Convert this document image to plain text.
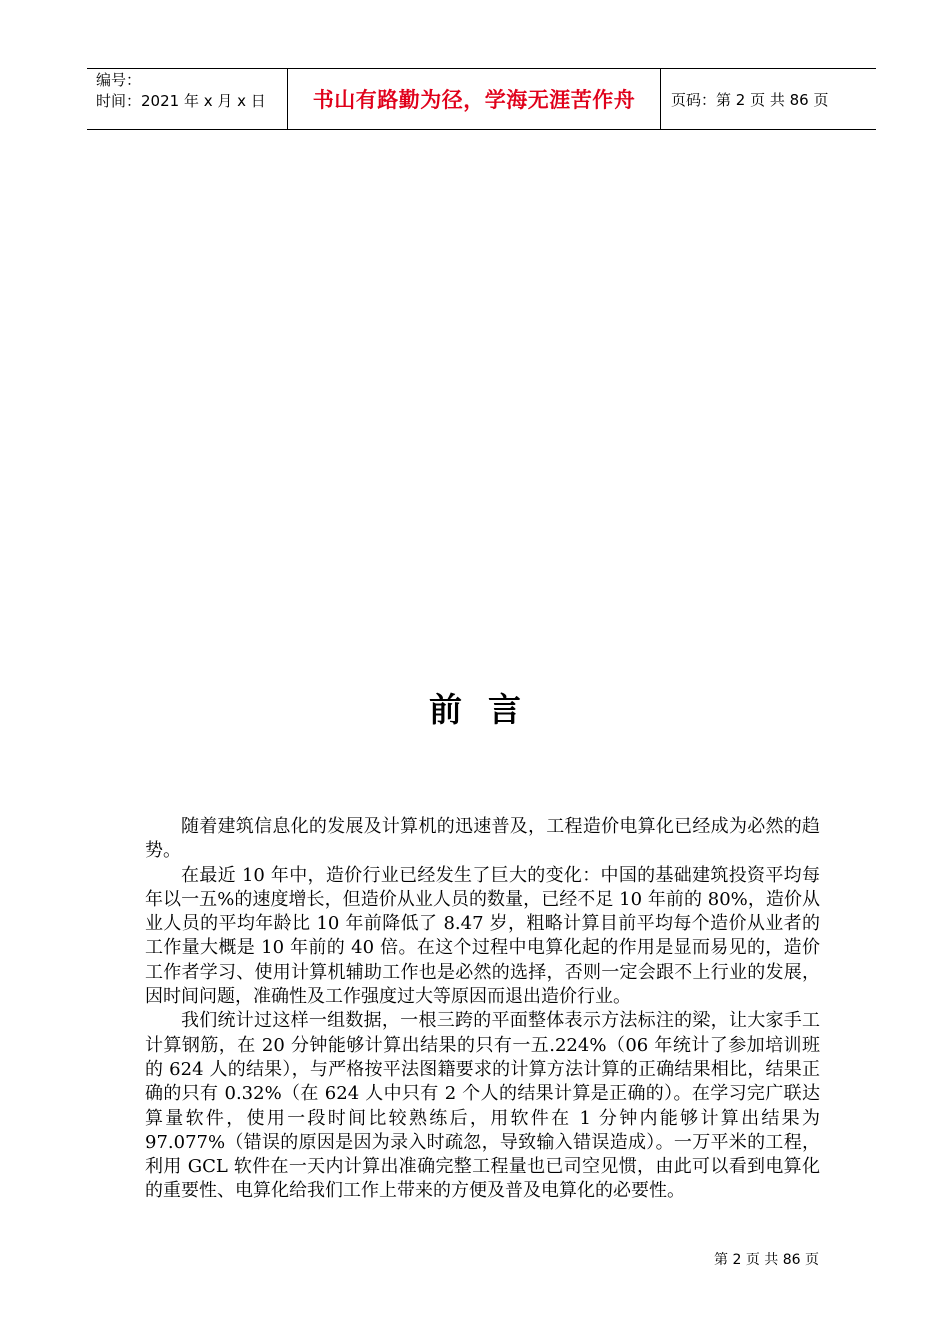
编号：
时间：2021 年 x 月 x 日	书山有路勤为径，学海无涯苦作舟	页码：第 2 页 共 86 页
前言

随着建筑信息化的发展及计算机的迅速普及，工程造价电算化已经成为必然的趋势。

在最近 10 年中，造价行业已经发生了巨大的变化：中国的基础建筑投资平均每年以一五%的速度增长，但造价从业人员的数量，已经不足 10 年前的 80%，造价从业人员的平均年龄比 10 年前降低了 8.47 岁，粗略计算目前平均每个造价从业者的工作量大概是 10 年前的 40 倍。在这个过程中电算化起的作用是显而易见的，造价工作者学习、使用计算机辅助工作也是必然的选择，否则一定会跟不上行业的发展，因时间问题，准确性及工作强度过大等原因而退出造价行业。

我们统计过这样一组数据，一根三跨的平面整体表示方法标注的梁，让大家手工计算钢筋，在 20 分钟能够计算出结果的只有一五.224%（06 年统计了参加培训班的 624 人的结果），与严格按平法图籍要求的计算方法计算的正确结果相比，结果正确的只有 0.32%（在 624 人中只有 2 个人的结果计算是正确的）。在学习完广联达算量软件，使用一段时间比较熟练后，用软件在 1 分钟内能够计算出结果为 97.077%（错误的原因是因为录入时疏忽，导致输入错误造成）。一万平米的工程，利用 GCL 软件在一天内计算出准确完整工程量也已司空见惯，由此可以看到电算化的重要性、电算化给我们工作上带来的方便及普及电算化的必要性。

第 2 页 共 86 页
